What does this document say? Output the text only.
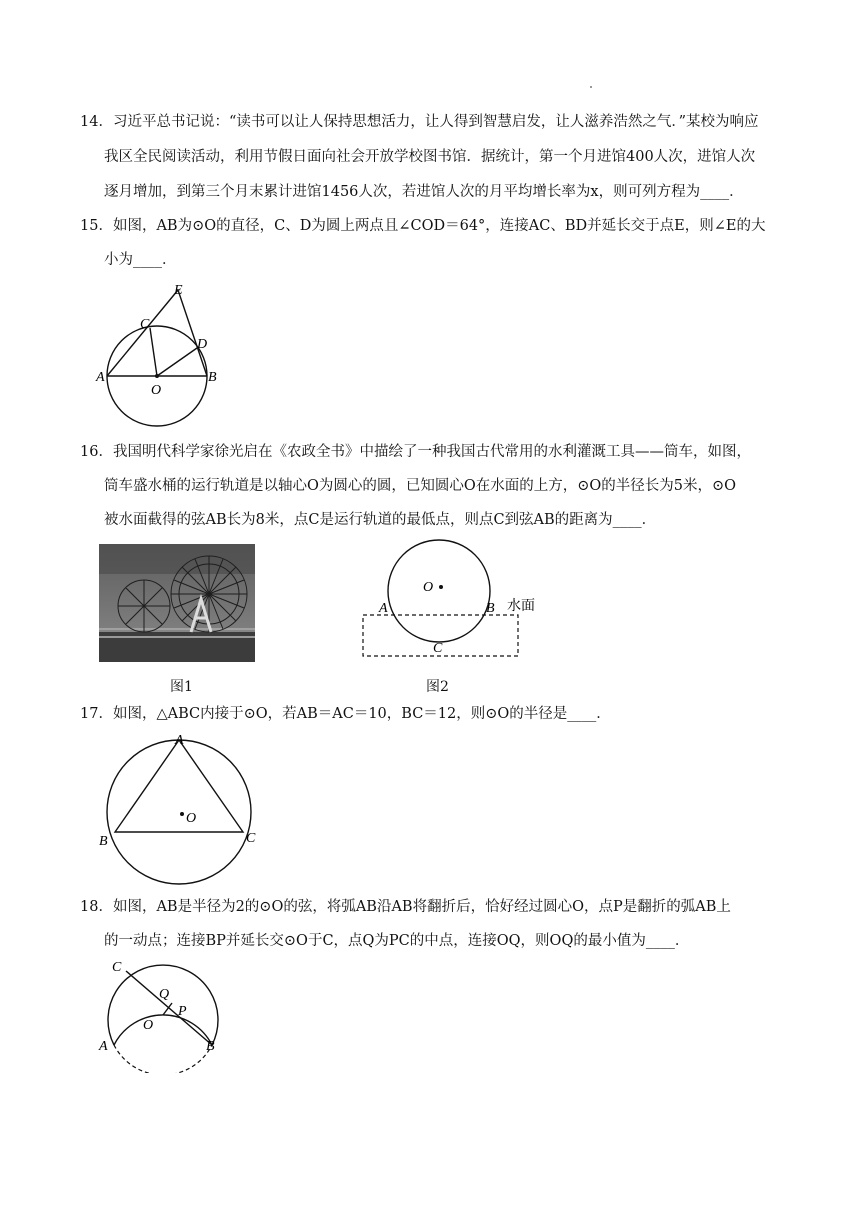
14．习近平总书记说：“读书可以让人保持思想活力，让人得到智慧启发，让人滋养浩然之气．”某校为响应
我区全民阅读活动，利用节假日面向社会开放学校图书馆．据统计，第一个月进馆400人次，进馆人次
逐月增加，到第三个月末累计进馆1456人次，若进馆人次的月平均增长率为x，则可列方程为____．
15．如图，AB为⊙O的直径，C、D为圆上两点且∠COD＝64°，连接AC、BD并延长交于点E，则∠E的大
小为____．
E
C
D
A
O
B
16．我国明代科学家徐光启在《农政全书》中描绘了一种我国古代常用的水利灌溉工具——筒车，如图，
筒车盛水桶的运行轨道是以轴心O为圆心的圆，已知圆心O在水面的上方，⊙O的半径长为5米，⊙O
被水面截得的弦AB长为8米，点C是运行轨道的最低点，则点C到弦AB的距离为____．
图1
O
A	B 水面
C
图2
17．如图，△ABC内接于⊙O，若AB＝AC＝10，BC＝12，则⊙O的半径是____．
A
B	C
O
18．如图，AB是半径为2的⊙O的弦，将弧AB沿AB将翻折后，恰好经过圆心O，点P是翻折的弧AB上
的一动点；连接BP并延长交⊙O于C，点Q为PC的中点，连接OQ，则OQ的最小值为____．
C
Q
O
P
A	B
